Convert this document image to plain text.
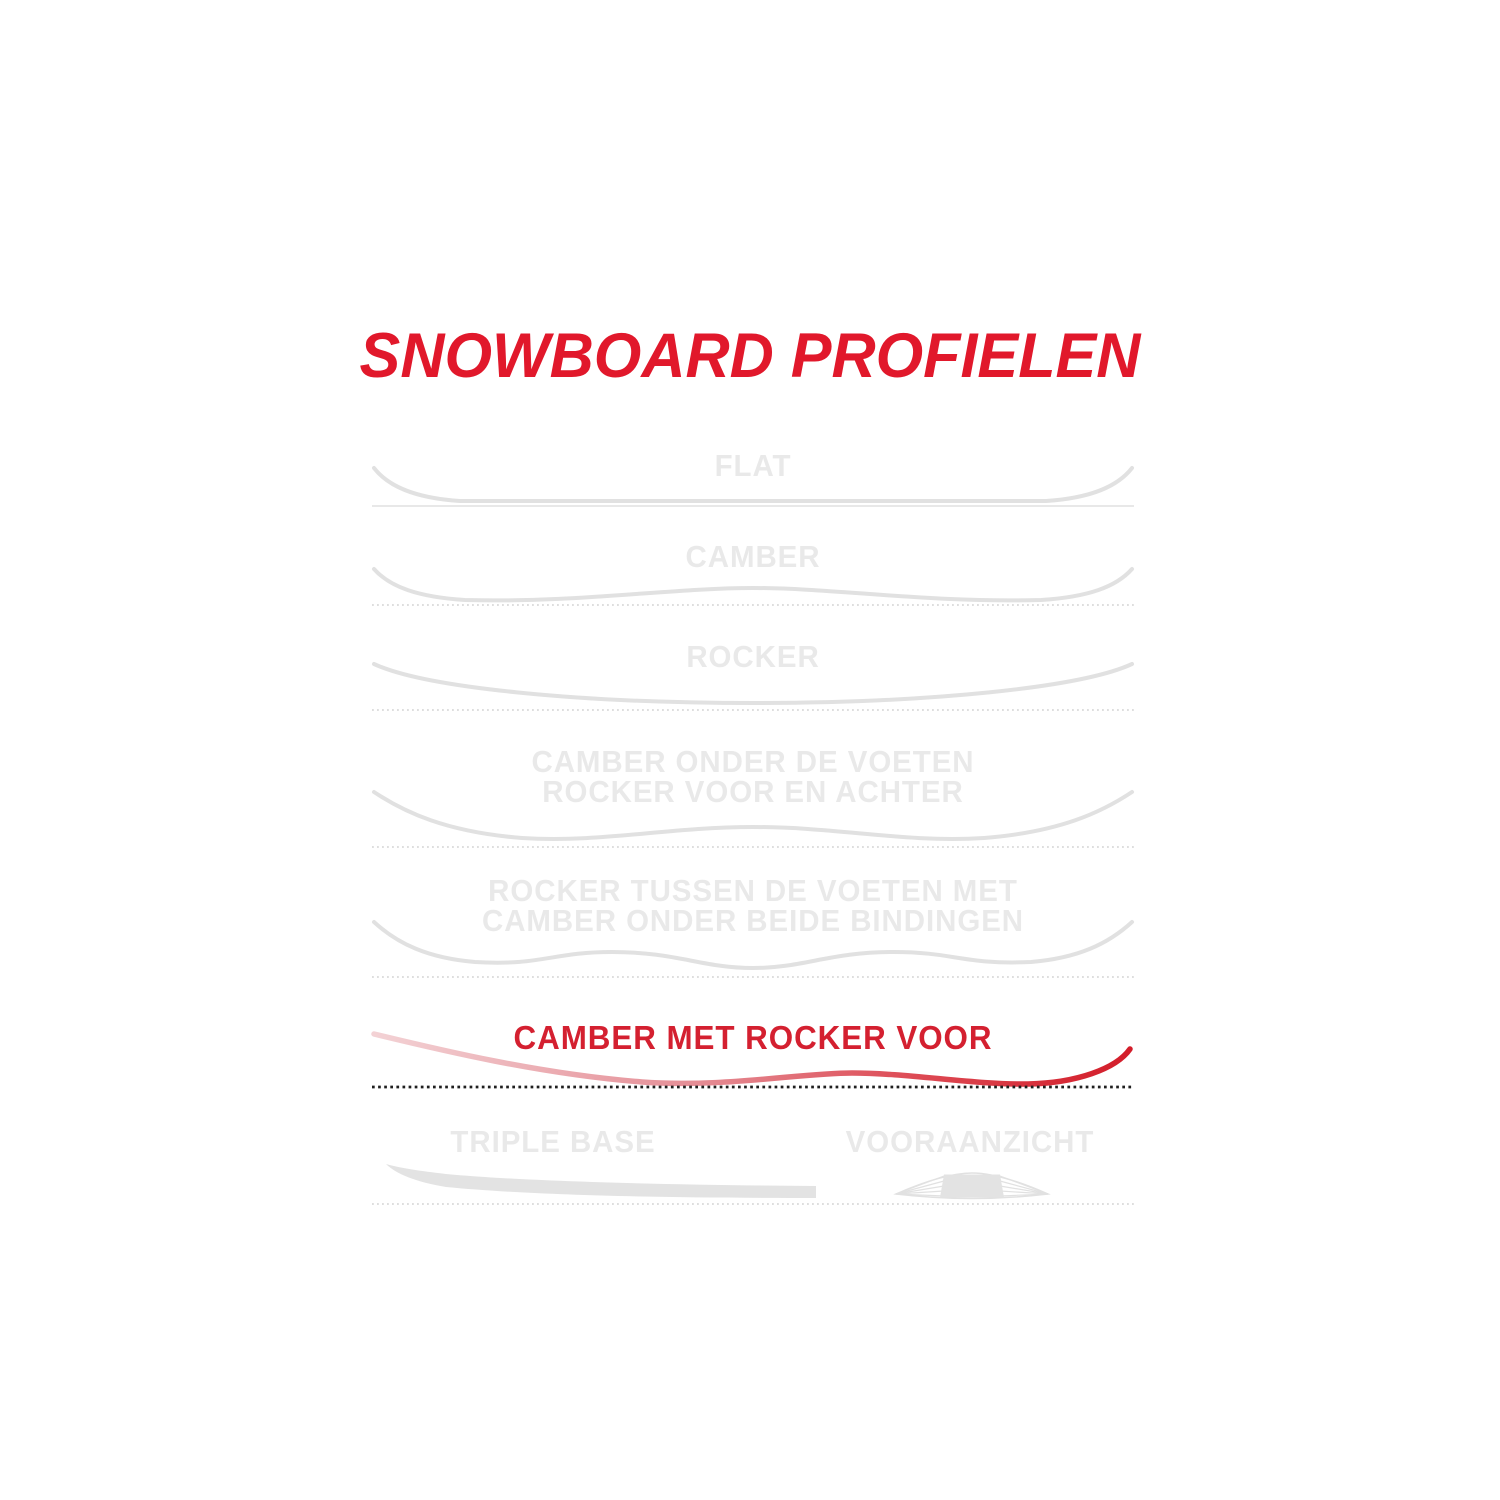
SNOWBOARD PROFIELEN
FLAT
CAMBER
ROCKER
CAMBER ONDER DE VOETEN
ROCKER VOOR EN ACHTER
ROCKER TUSSEN DE VOETEN MET
CAMBER ONDER BEIDE BINDINGEN
CAMBER MET ROCKER VOOR
TRIPLE BASE	VOORAANZICHT
